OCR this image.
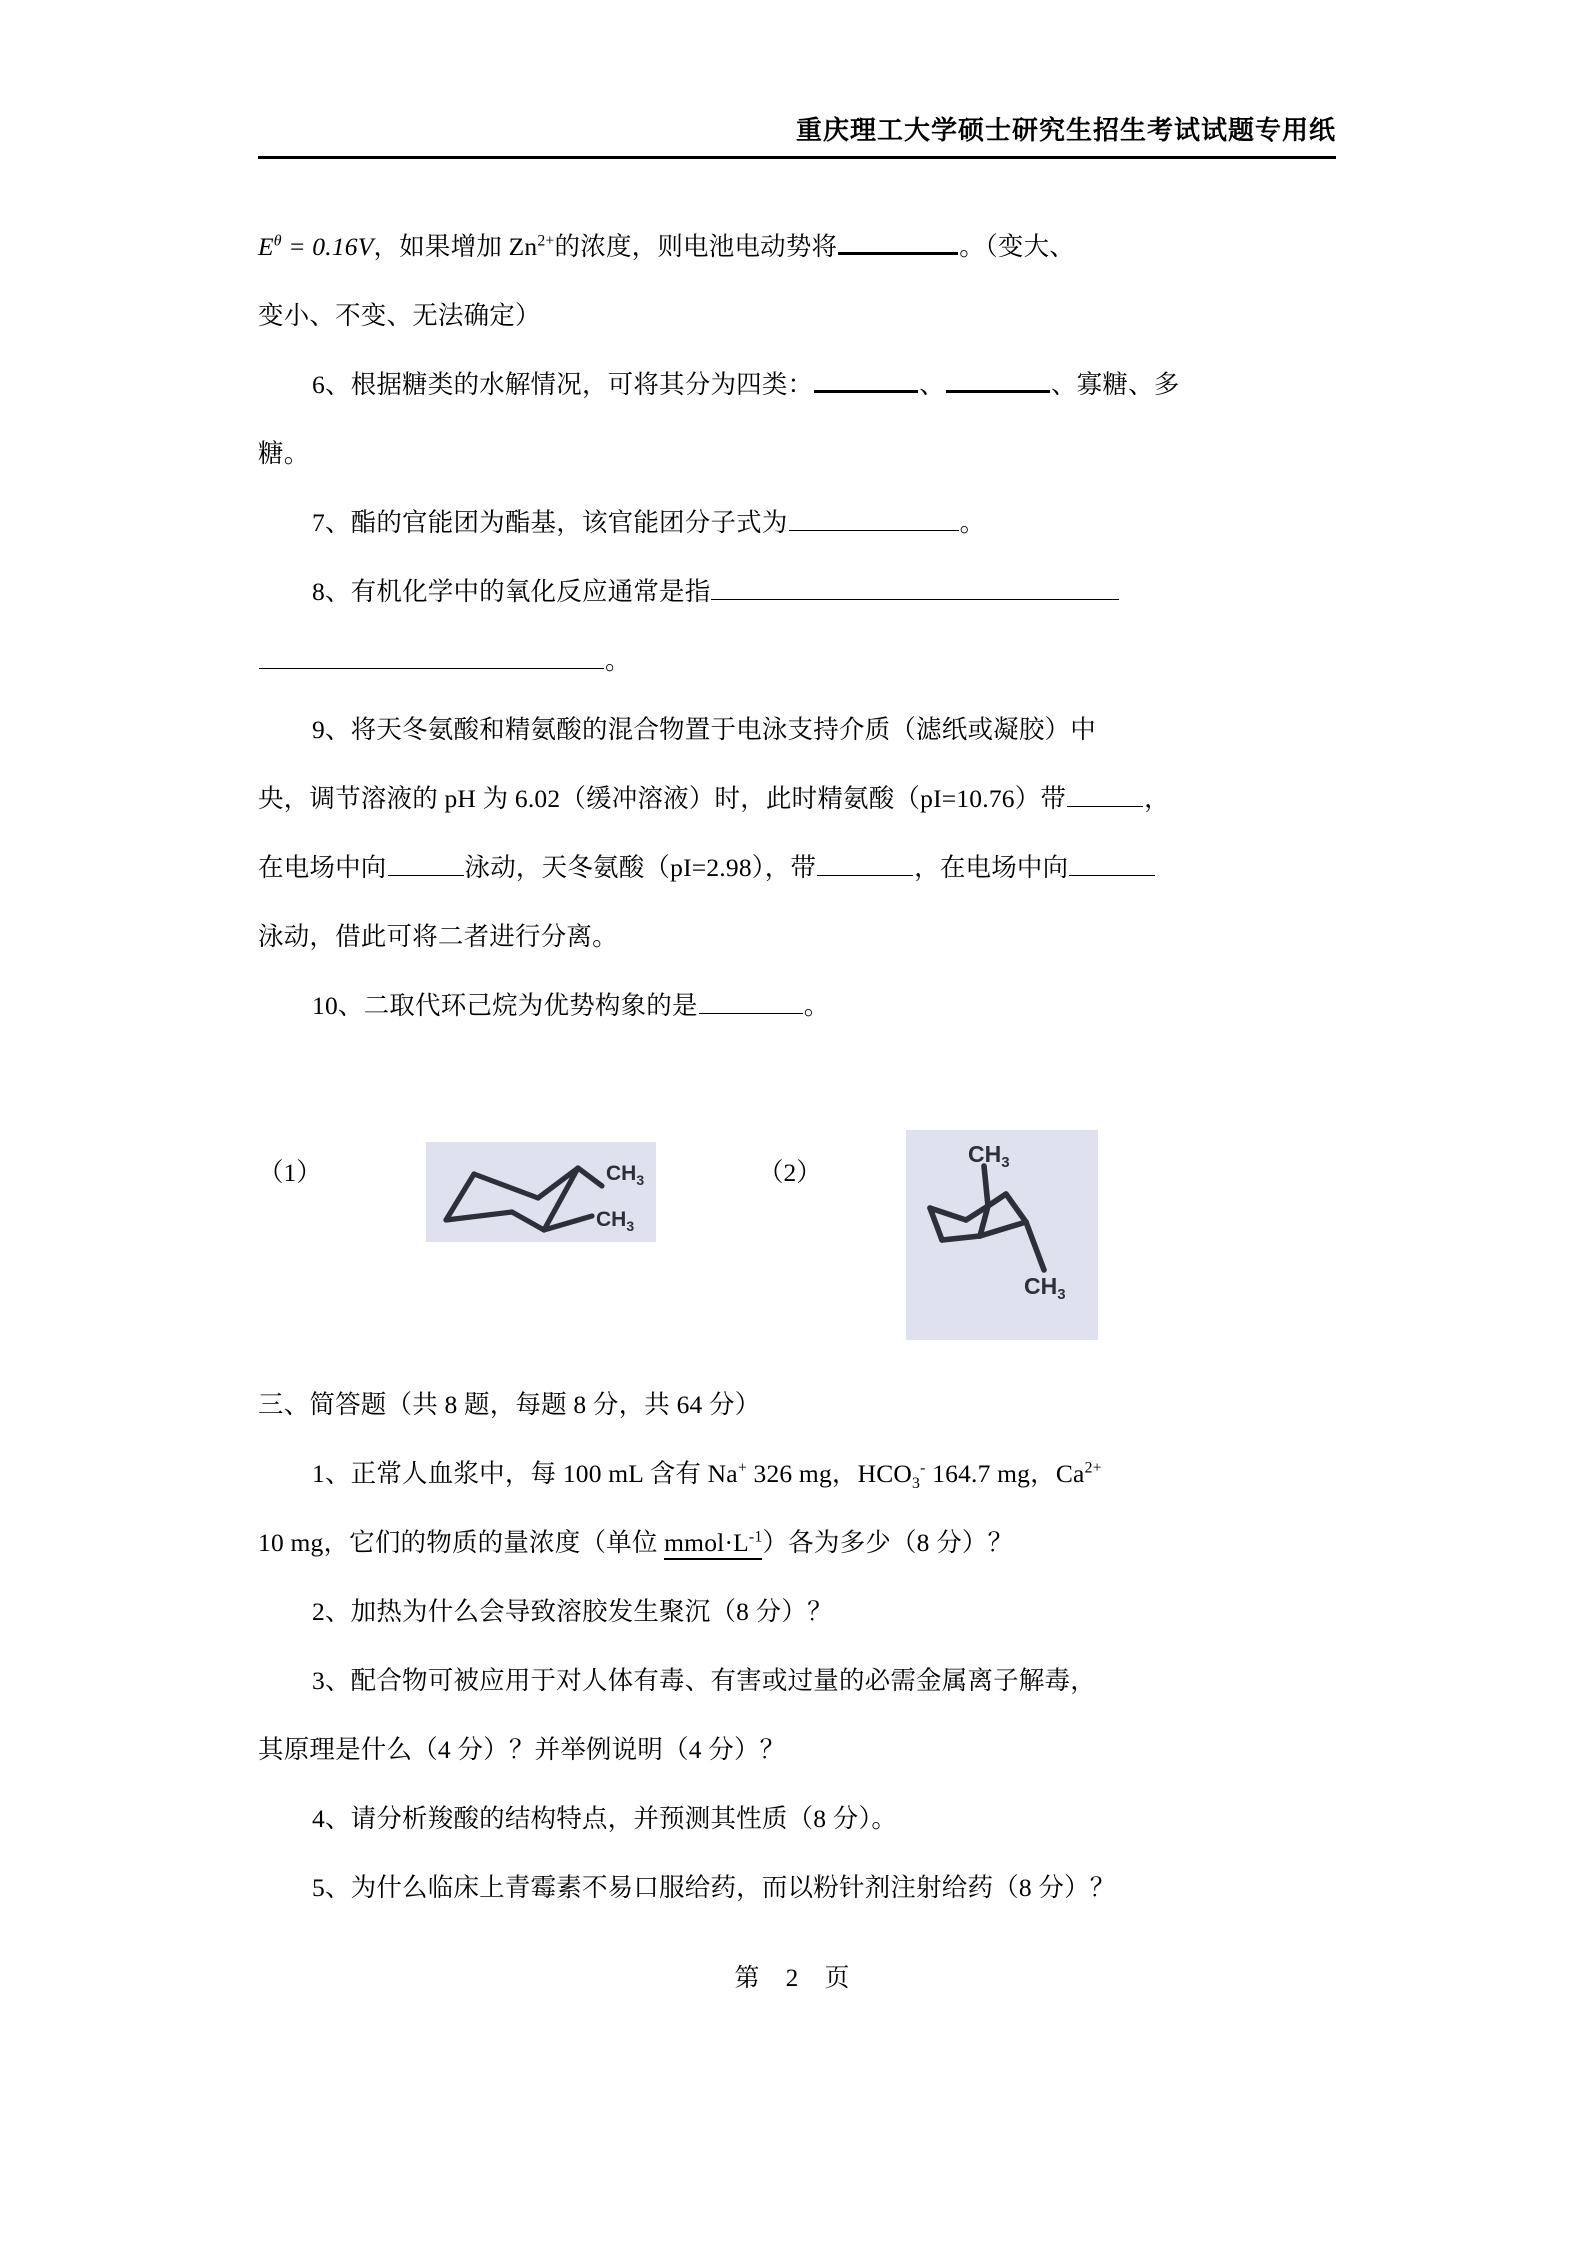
重庆理工大学硕士研究生招生考试试题专用纸
$E^\theta = 0.16V$，如果增加 $Zn^{2+}$的浓度，则电池电动势将	。（变大、
变小、不变、无法确定）
6、根据糖类的水解情况，可将其分为四类：	、	、寡糖、多
糖。
7、酯的官能团为酯基，该官能团分子式为	。
8、有机化学中的氧化反应通常是指
。
9、将天冬氨酸和精氨酸的混合物置于电泳支持介质（滤纸或凝胶）中
央，调节溶液的 pH 为 6.02（缓冲溶液）时，此时精氨酸（pI=10.76）带	，
在电场中向	泳动，天冬氨酸（pI=2.98），带	，在电场中向
泳动，借此可将二者进行分离。
10、二取代环己烷为优势构象的是	。
（1）	$CH_3$
$CH_3$
（2）
$CH_3$
$CH_3$
三、简答题（共 8 题，每题 8 分，共 64 分）
1、正常人血浆中，每 100 mL 含有 Na+ 326 mg，$HCO_3^-$ 164.7 mg，$Ca^{2+}$
10 mg，它们的物质的量浓度（单位 $mmol\cdot L^{-1}$）各为多少（8 分）？
2、加热为什么会导致溶胶发生聚沉（8 分）？
3、配合物可被应用于对人体有毒、有害或过量的必需金属离子解毒，
其原理是什么（4 分）？并举例说明（4 分）？
4、请分析羧酸的结构特点，并预测其性质（8 分）。
5、为什么临床上青霉素不易口服给药，而以粉针剂注射给药（8 分）？
第 2 页
